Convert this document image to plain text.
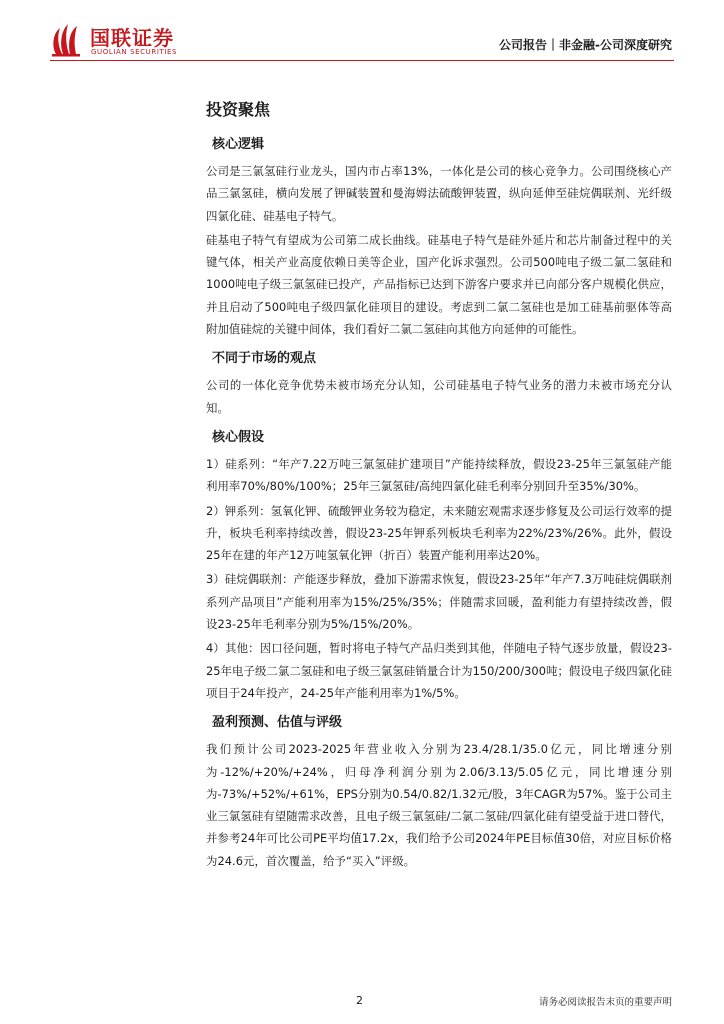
国联证券
GUOLIAN SECURITIES	公司报告｜非金融-公司深度研究
投资聚焦
核心逻辑

公司是三氯氢硅行业龙头，国内市占率13%，一体化是公司的核心竞争力。公司围绕核心产品三氯氢硅，横向发展了钾碱装置和曼海姆法硫酸钾装置，纵向延伸至硅烷偶联剂、光纤级四氯化硅、硅基电子特气。

硅基电子特气有望成为公司第二成长曲线。硅基电子特气是硅外延片和芯片制备过程中的关键气体，相关产业高度依赖日美等企业，国产化诉求强烈。公司500吨电子级二氯二氢硅和1000吨电子级三氯氢硅已投产，产品指标已达到下游客户要求并已向部分客户规模化供应，并且启动了500吨电子级四氯化硅项目的建设。考虑到二氯二氢硅也是加工硅基前驱体等高附加值硅烷的关键中间体，我们看好二氯二氢硅向其他方向延伸的可能性。

不同于市场的观点

公司的一体化竞争优势未被市场充分认知，公司硅基电子特气业务的潜力未被市场充分认知。

核心假设

1）硅系列：“年产7.22万吨三氯氢硅扩建项目”产能持续释放，假设23-25年三氯氢硅产能利用率70%/80%/100%；25年三氯氢硅/高纯四氯化硅毛利率分别回升至35%/30%。

2）钾系列：氢氧化钾、硫酸钾业务较为稳定，未来随宏观需求逐步修复及公司运行效率的提升，板块毛利率持续改善，假设23-25年钾系列板块毛利率为22%/23%/26%。此外，假设25年在建的年产12万吨氢氧化钾（折百）装置产能利用率达20%。

3）硅烷偶联剂：产能逐步释放，叠加下游需求恢复，假设23-25年“年产7.3万吨硅烷偶联剂系列产品项目”产能利用率为15%/25%/35%；伴随需求回暖，盈利能力有望持续改善，假设23-25年毛利率分别为5%/15%/20%。

4）其他：因口径问题，暂时将电子特气产品归类到其他，伴随电子特气逐步放量，假设23-25年电子级二氯二氢硅和电子级三氯氢硅销量合计为150/200/300吨；假设电子级四氯化硅项目于24年投产，24-25年产能利用率为1%/5%。

盈利预测、估值与评级

我们预计公司2023-2025年营业收入分别为23.4/28.1/35.0亿元，同比增速分别为-12%/+20%/+24%，归母净利润分别为2.06/3.13/5.05亿元，同比增速分别为-73%/+52%/+61%，EPS分别为0.54/0.82/1.32元/股，3年CAGR为57%。鉴于公司主业三氯氢硅有望随需求改善，且电子级三氯氢硅/二氯二氢硅/四氯化硅有望受益于进口替代，并参考24年可比公司PE平均值17.2x，我们给予公司2024年PE目标值30倍，对应目标价格为24.6元，首次覆盖，给予“买入”评级。

2	请务必阅读报告末页的重要声明
